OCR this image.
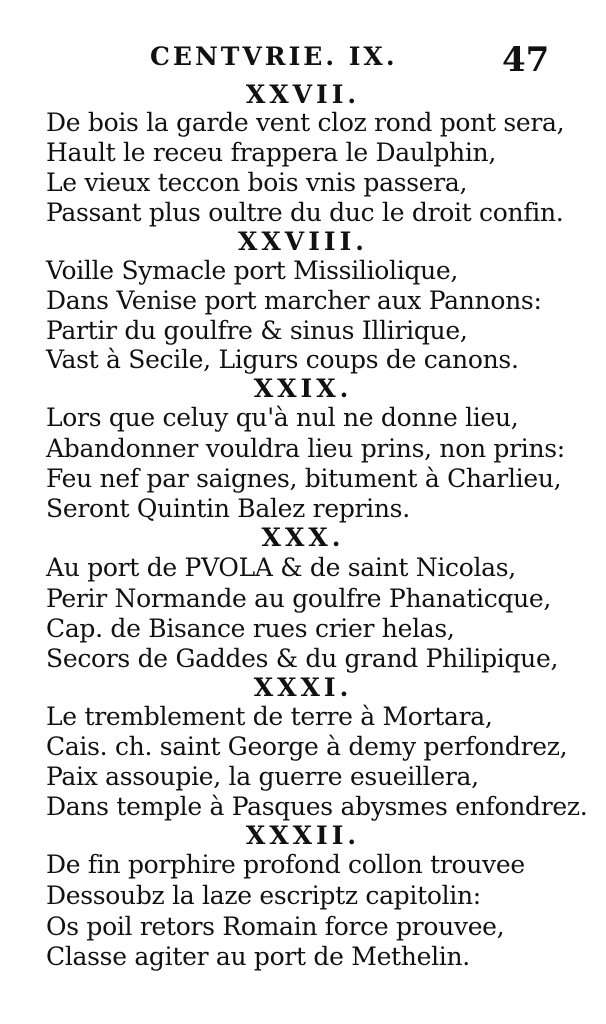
CENTVRIE. IX.	47
XXVII.
De bois la garde vent cloz rond pont sera,
Hault le receu frappera le Daulphin,
Le vieux teccon bois vnis passera,
Passant plus oultre du duc le droit confin.
XXVIII.
Voille Symacle port Missiliolique,
Dans Venise port marcher aux Pannons:
Partir du goulfre & sinus Illirique,
Vast à Secile, Ligurs coups de canons.
XXIX.
Lors que celuy qu'à nul ne donne lieu,
Abandonner vouldra lieu prins, non prins:
Feu nef par saignes, bitument à Charlieu,
Seront Quintin Balez reprins.
XXX.
Au port de PVOLA & de saint Nicolas,
Perir Normande au goulfre Phanaticque,
Cap. de Bisance rues crier helas,
Secors de Gaddes & du grand Philipique,
XXXI.
Le tremblement de terre à Mortara,
Cais. ch. saint George à demy perfondrez,
Paix assoupie, la guerre esueillera,
Dans temple à Pasques abysmes enfondrez.
XXXII.
De fin porphire profond collon trouvee
Dessoubz la laze escriptz capitolin:
Os poil retors Romain force prouvee,
Classe agiter au port de Methelin.
